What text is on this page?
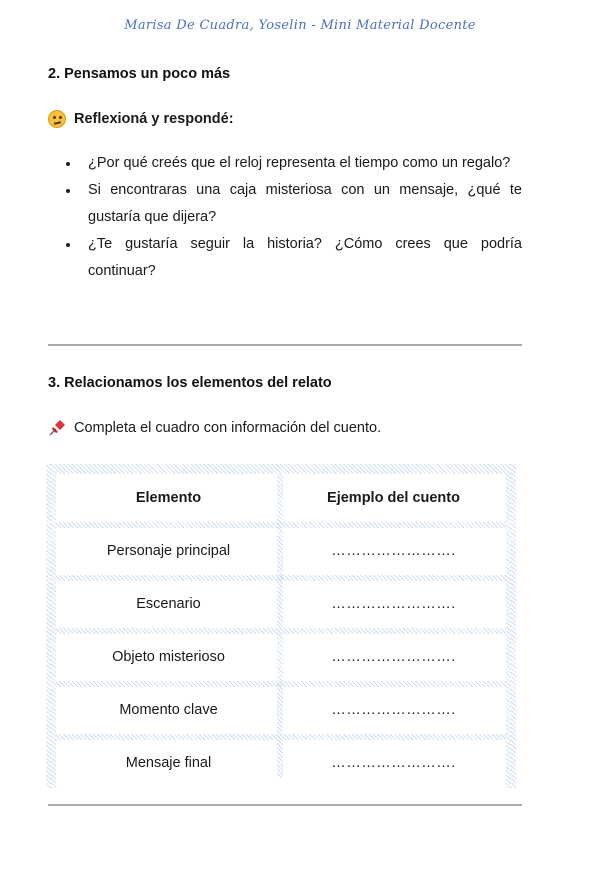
Marisa De Cuadra, Yoselin - Mini Material Docente
2. Pensamos un poco más
Reflexioná y respondé:
¿Por qué creés que el reloj representa el tiempo como un regalo?
Si encontraras una caja misteriosa con un mensaje, ¿qué te gustaría que dijera?
¿Te gustaría seguir la historia? ¿Cómo crees que podría continuar?
3. Relacionamos los elementos del relato
Completa el cuadro con información del cuento.
Elemento	Ejemplo del cuento
Personaje principal	…………………….
Escenario	…………………….
Objeto misterioso	…………………….
Momento clave	…………………….
Mensaje final	…………………….
